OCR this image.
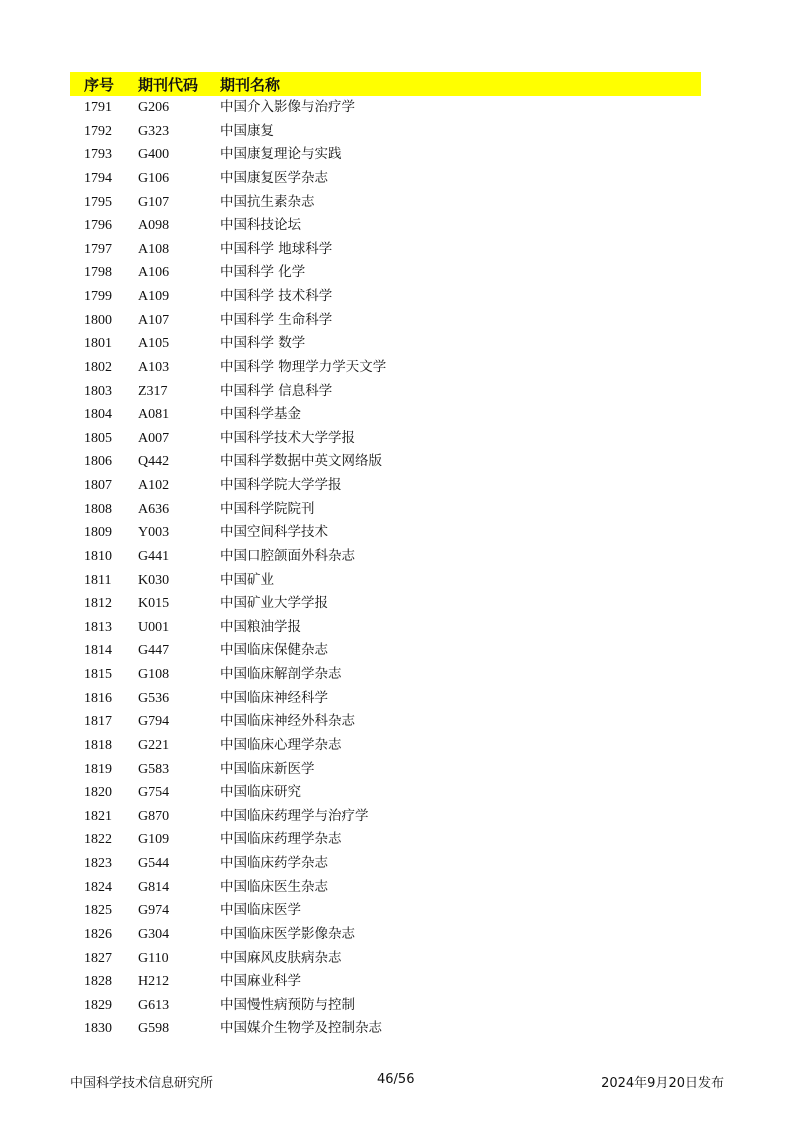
序号 期刊代码 期刊名称
1791 G206	中国介入影像与治疗学
1792 G323	中国康复
1793 G400	中国康复理论与实践
1794 G106	中国康复医学杂志
1795 G107	中国抗生素杂志
1796 A098	中国科技论坛
1797 A108	中国科学 地球科学
1798 A106	中国科学 化学
1799 A109	中国科学 技术科学
1800 A107	中国科学 生命科学
1801 A105	中国科学 数学
1802 A103	中国科学 物理学力学天文学
1803 Z317	中国科学 信息科学
1804 A081	中国科学基金
1805 A007	中国科学技术大学学报
1806 Q442	中国科学数据中英文网络版
1807 A102	中国科学院大学学报
1808 A636	中国科学院院刊
1809 Y003	中国空间科学技术
1810 G441	中国口腔颌面外科杂志
1811 K030	中国矿业
1812 K015	中国矿业大学学报
1813 U001	中国粮油学报
1814 G447	中国临床保健杂志
1815 G108	中国临床解剖学杂志
1816 G536	中国临床神经科学
1817 G794	中国临床神经外科杂志
1818 G221	中国临床心理学杂志
1819 G583	中国临床新医学
1820 G754	中国临床研究
1821 G870	中国临床药理学与治疗学
1822 G109	中国临床药理学杂志
1823 G544	中国临床药学杂志
1824 G814	中国临床医生杂志
1825 G974	中国临床医学
1826 G304	中国临床医学影像杂志
1827 G110	中国麻风皮肤病杂志
1828 H212	中国麻业科学
1829 G613	中国慢性病预防与控制
1830 G598	中国媒介生物学及控制杂志
中国科学技术信息研究所	46/56	2024年9月20日发布
